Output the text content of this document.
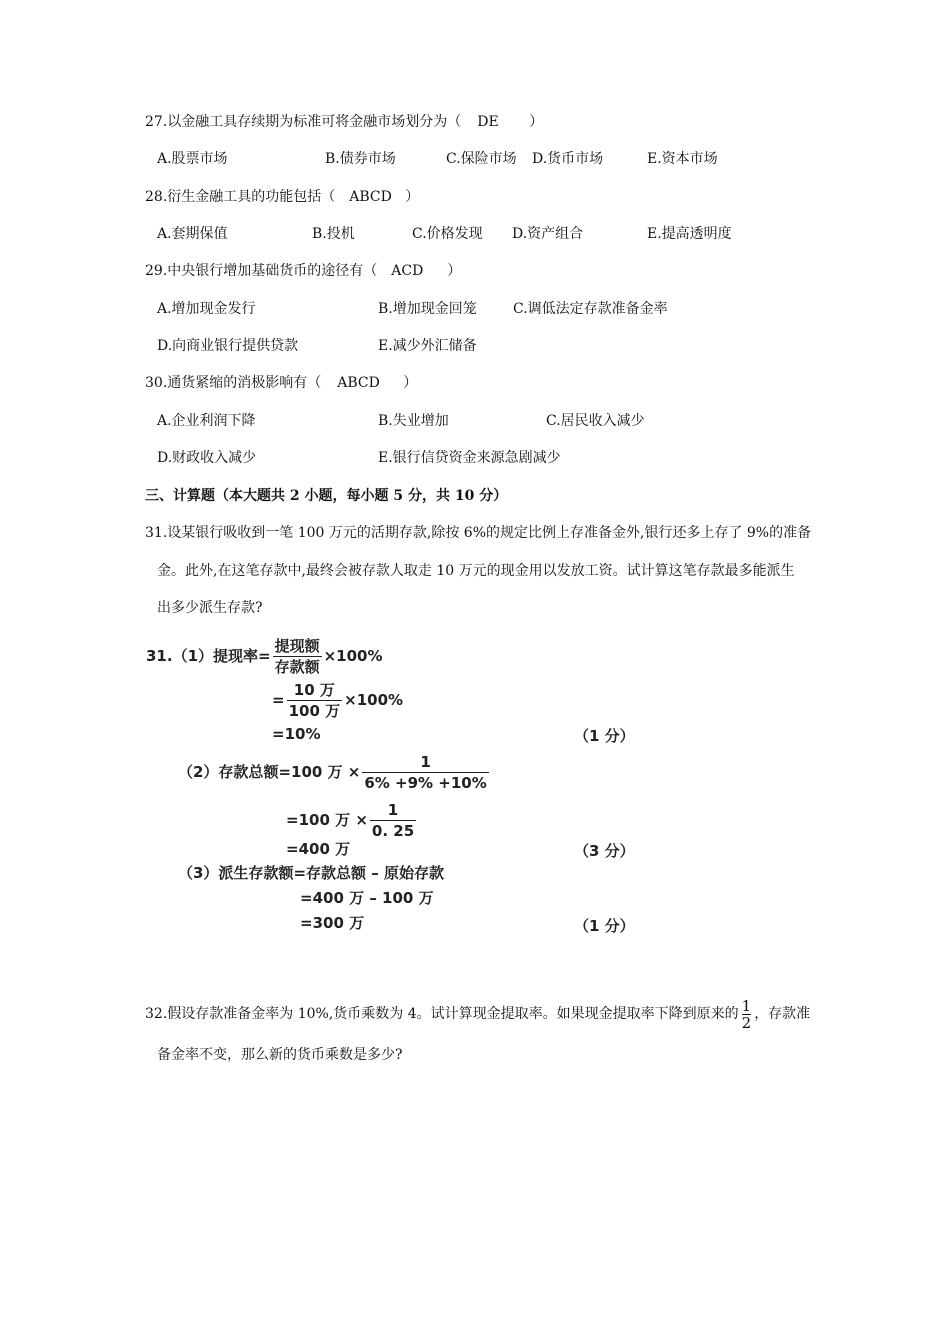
27.以金融工具存续期为标准可将金融市场划分为（ DE ）
A.股票市场	B.债券市场	C.保险市场 D.货币市场	E.资本市场
28.衍生金融工具的功能包括（ ABCD ）
A.套期保值	B.投机	C.价格发现 D.资产组合	E.提高透明度
29.中央银行增加基础货币的途径有（ ACD ）
A.增加现金发行	B.增加现金回笼	C.调低法定存款准备金率
D.向商业银行提供贷款	E.减少外汇储备
30.通货紧缩的消极影响有（ ABCD ）
A.企业利润下降	B.失业增加	C.居民收入减少
D.财政收入减少	E.银行信贷资金来源急剧减少
三、计算题（本大题共 2 小题，每小题 5 分，共 10 分）
31.设某银行吸收到一笔 100 万元的活期存款,除按 6%的规定比例上存准备金外,银行还多上存了 9%的准备
金。此外,在这笔存款中,最终会被存款人取走 10 万元的现金用以发放工资。试计算这笔存款最多能派生
出多少派生存款?
31.（1）提现率= $\frac{\text{提现额}}{\text{存款额}} \times 100\%$
= $\frac{\text{10 万}}{\text{100 万}} \times 100\%$
=10%	（1 分）
（2）存款总额=100 万 × $\frac{1}{6\% +9\% +10\%}$
=100 万 × $\frac{1}{0. 25}$
=400 万	（3 分）
（3）派生存款额=存款总额 – 原始存款
=400 万 – 100 万
=300 万	（1 分）
32.假设存款准备金率为 10%,货币乘数为 4。试计算现金提取率。如果现金提取率下降到原来的 $\frac{1}{2}$ ，存款准
备金率不变，那么新的货币乘数是多少?
